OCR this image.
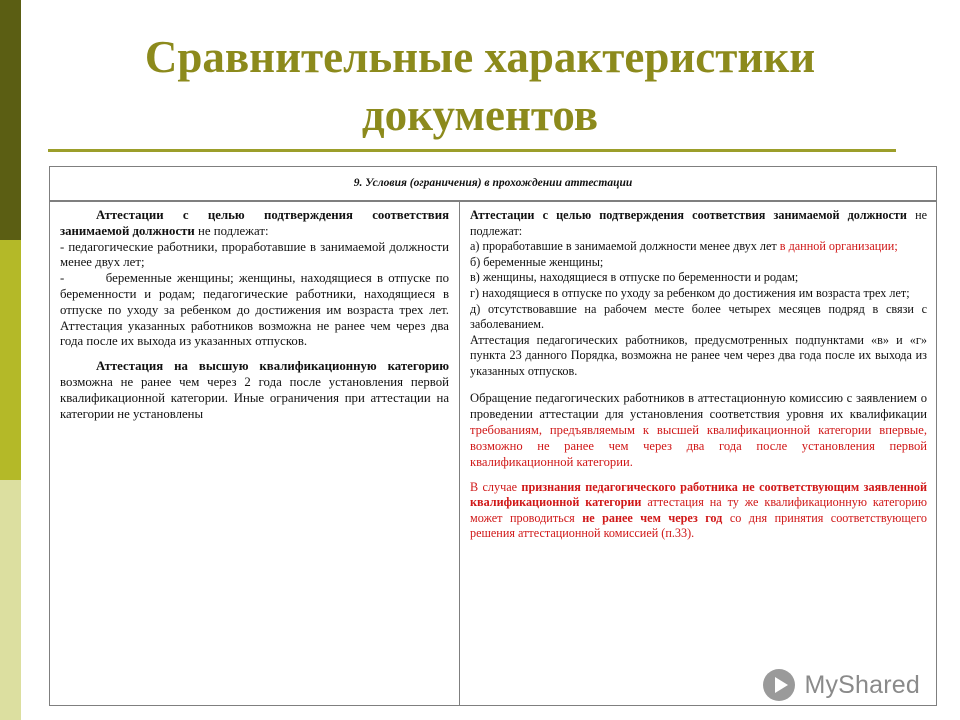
Сравнительные характеристики
документов
9. Условия (ограничения) в прохождении аттестации

Аттестации с целью подтверждения соответствия занимаемой должности не подлежат:

- педагогические работники, проработавшие в занимаемой должности менее двух лет;

-        беременные женщины; женщины, находящиеся в отпуске по беременности и родам; педагогические работники, находящиеся в отпуске по уходу за ребенком до достижения им возраста трех лет. Аттестация указанных работников возможна не ранее чем через два года после их выхода из указанных отпусков.

Аттестация на высшую квалификационную категорию возможна не ранее чем через 2 года после установления первой квалификационной категории. Иные ограничения при аттестации на категории не установлены

Аттестации с целью подтверждения соответствия занимаемой должности не подлежат:

а) проработавшие в занимаемой должности менее двух лет в данной организации;

б) беременные женщины;

в) женщины, находящиеся в отпуске по беременности и родам;

г) находящиеся в отпуске по уходу за ребенком до достижения им возраста трех лет;

д) отсутствовавшие на рабочем месте более четырех месяцев подряд в связи с заболеванием.

Аттестация педагогических работников, предусмотренных подпунктами «в» и «г» пункта 23 данного Порядка, возможна не ранее чем через два года после их выхода из указанных отпусков.

Обращение педагогических работников в аттестационную комиссию с заявлением о проведении аттестации для установления соответствия уровня их квалификации требованиям, предъявляемым к высшей квалификационной категории впервые, возможно не ранее чем через два года после установления первой квалификационной категории.

В случае признания педагогического работника не соответствующим заявленной квалификационной категории аттестация на ту же квалификационную категорию может проводиться не ранее чем через год со дня принятия соответствующего решения аттестационной комиссией (п.33).

MyShared
